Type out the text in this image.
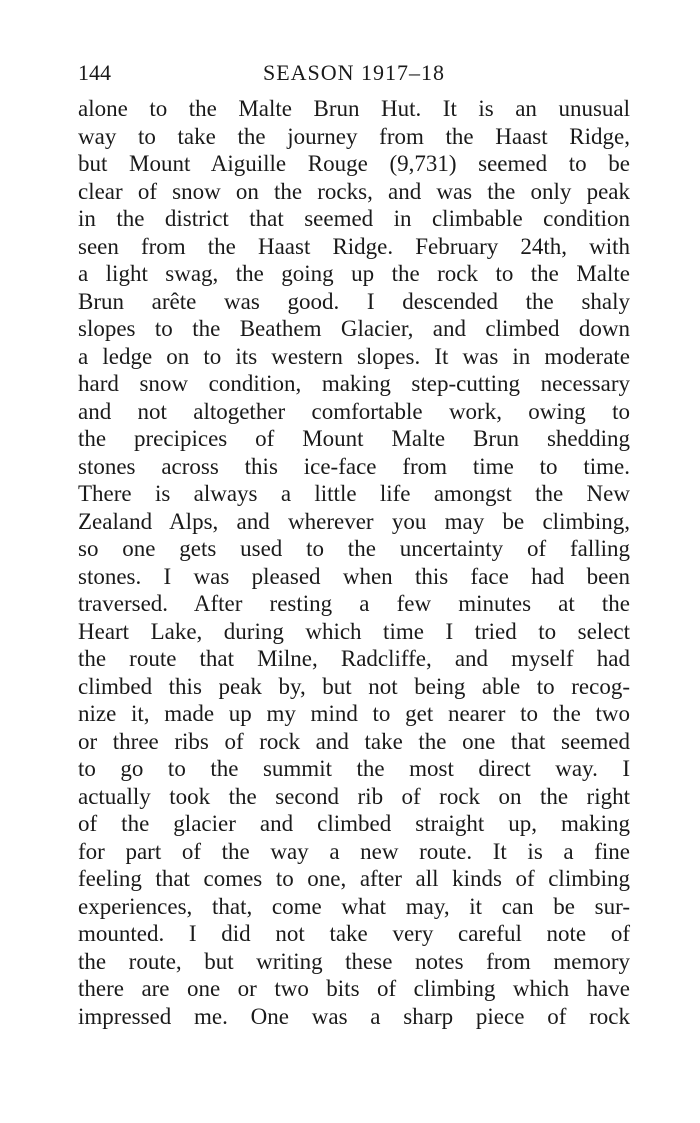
144	SEASON 1917–18
alone to the Malte Brun Hut. It is an unusual
way to take the journey from the Haast Ridge,
but Mount Aiguille Rouge (9,731) seemed to be
clear of snow on the rocks, and was the only peak
in the district that seemed in climbable condition
seen from the Haast Ridge. February 24th, with
a light swag, the going up the rock to the Malte
Brun arête was good. I descended the shaly
slopes to the Beathem Glacier, and climbed down
a ledge on to its western slopes. It was in moderate
hard snow condition, making step-cutting necessary
and not altogether comfortable work, owing to
the precipices of Mount Malte Brun shedding
stones across this ice-face from time to time.
There is always a little life amongst the New
Zealand Alps, and wherever you may be climbing,
so one gets used to the uncertainty of falling
stones. I was pleased when this face had been
traversed. After resting a few minutes at the
Heart Lake, during which time I tried to select
the route that Milne, Radcliffe, and myself had
climbed this peak by, but not being able to recog-
nize it, made up my mind to get nearer to the two
or three ribs of rock and take the one that seemed
to go to the summit the most direct way. I
actually took the second rib of rock on the right
of the glacier and climbed straight up, making
for part of the way a new route. It is a fine
feeling that comes to one, after all kinds of climbing
experiences, that, come what may, it can be sur-
mounted. I did not take very careful note of
the route, but writing these notes from memory
there are one or two bits of climbing which have
impressed me. One was a sharp piece of rock
